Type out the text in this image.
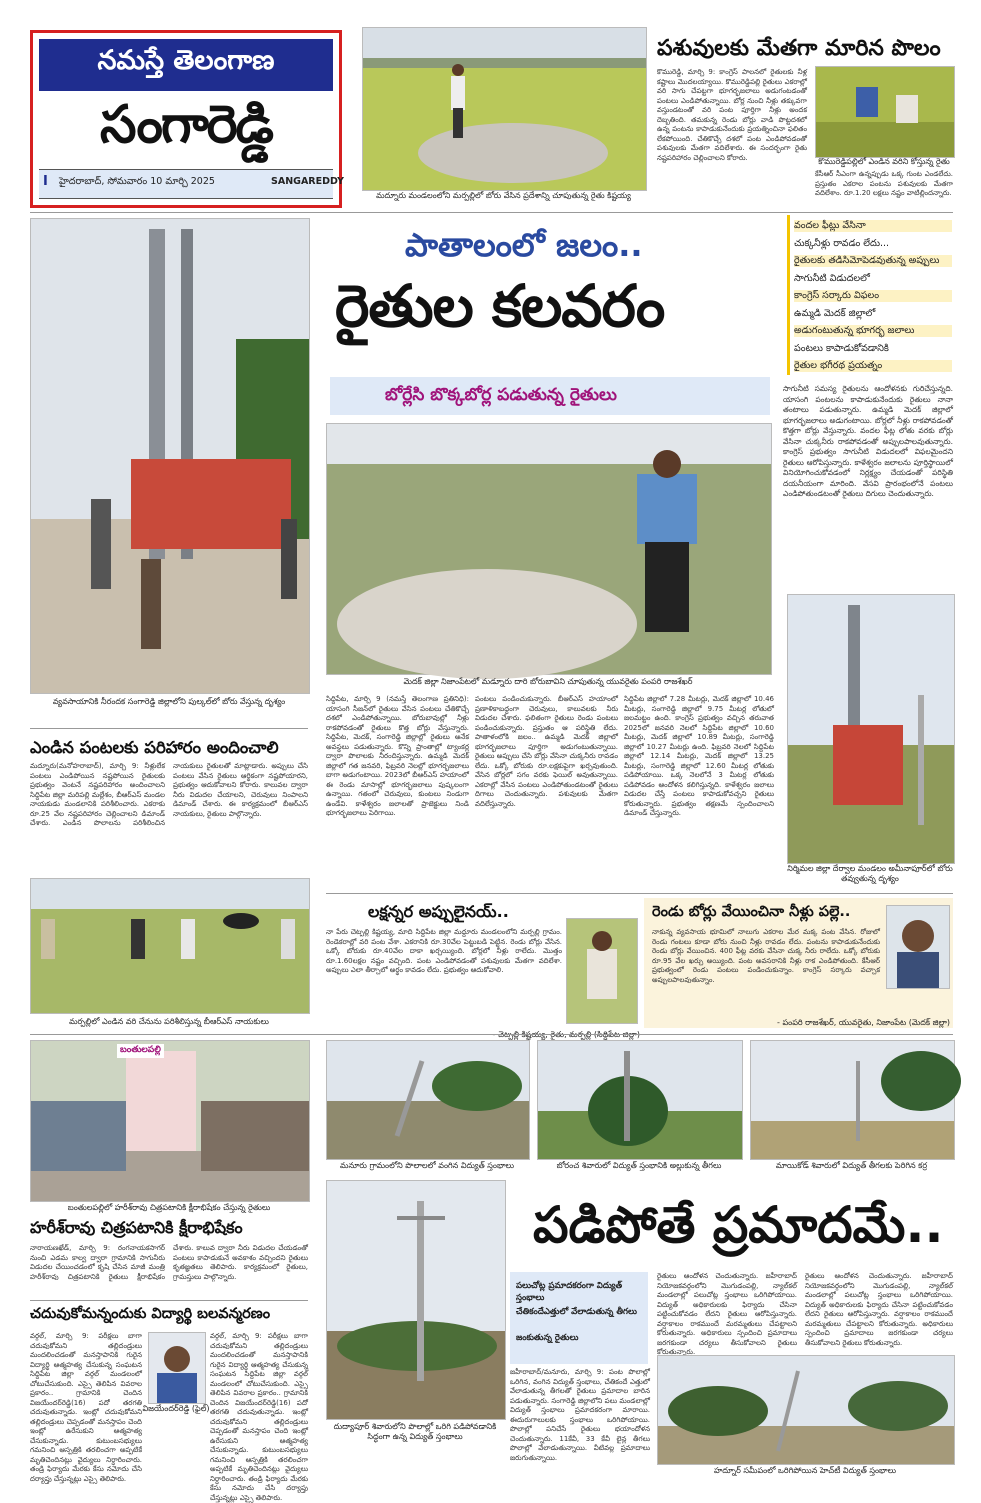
నమస్తే తెలంగాణ
సంగారెడ్డి
I హైదరాబాద్, సోమవారం 10 మార్చి 2025	SANGAREDDY
మద్నూరు మండలంలోని మర్పల్లిలో బోరు వేసిన ప్రదేశాన్ని చూపుతున్న రైతు కిష్టయ్య
పశువులకు మేతగా మారిన పొలం
కొమురెడ్డి, మార్చి 9: కాంగ్రెస్ పాలనలో రైతులకు నీళ్ల కష్టాలు మొదలయ్యాయి. కొమురెడ్డిపల్లి రైతులు ఎకరాల్లో వరి సాగు చేపట్టగా భూగర్భజలాలు అడుగంటడంతో పంటలు ఎండిపోతున్నాయి. బోర్ల నుంచి నీళ్లు తక్కువగా వస్తుండటంతో వరి పంట పూర్తిగా నీళ్లు అందక దెబ్బతింది. తమకున్న రెండు బోర్లు వాడి పొట్టదశలో ఉన్న పంటను కాపాడుకునేందుకు ప్రయత్నించినా ఫలితం లేకపోయింది. చేతికొచ్చే దశలో పంట ఎండిపోవడంతో పశువులకు మేతగా వదిలేశారు. ఈ సందర్భంగా రైతు నష్టపరిహారం చెల్లించాలని కోరారు.	కొమురెడ్డిపల్లిలో ఎండిన వరిని కోస్తున్న రైతు
కేసీఆర్ సీఎంగా ఉన్నప్పుడు ఒక్క గుంట ఎండలేదు. ప్రస్తుతం ఎకరాల పంటను పశువులకు మేతగా వదిలేశాం. రూ.1.20 లక్షలు నష్టం వాటిల్లిందన్నారు.
వ్యవసాయానికి నీరందక సంగారెడ్డి జిల్లాలోని పుల్కల్‌లో బోరు వేస్తున్న దృశ్యం
పాతాలంలో జలం..
రైతుల కలవరం
వందల ఫీట్లు వేసినా
చుక్కనీళ్లు రావడం లేదు...
రైతులకు తడిసిమోపెడవుతున్న అప్పులు
సాగునీటి విడుదలలో
కాంగ్రెస్ సర్కారు విఫలం
ఉమ్మడి మెదక్ జిల్లాలో
అడుగంటుతున్న భూగర్భ జలాలు
పంటలు కాపాడుకోవడానికి
రైతుల భగీరథ ప్రయత్నం
బోర్లేసి బొక్కబోర్ల పడుతున్న రైతులు	సాగునీటి సమస్య రైతులను ఆందోళనకు గురిచేస్తున్నది. యాసంగి పంటలను కాపాడుకునేందుకు రైతులు నానా తంటాలు పడుతున్నారు. ఉమ్మడి మెదక్ జిల్లాలో భూగర్భజలాలు అడుగంటాయి. బోర్లలో నీళ్లు రాకపోవడంతో కొత్తగా బోర్లు వేస్తున్నారు. వందల ఫీట్ల లోతు వరకు బోర్లు వేసినా చుక్కనీరు రాకపోవడంతో అప్పులపాలవుతున్నారు. కాంగ్రెస్ ప్రభుత్వం సాగునీటి విడుదలలో విఫలమైందని రైతులు ఆరోపిస్తున్నారు. కాళేశ్వరం జలాలను పూర్తిస్థాయిలో వినియోగించుకోవడంలో నిర్లక్ష్యం చేయడంతో పరిస్థితి దయనీయంగా మారింది. వేసవి ప్రారంభంలోనే పంటలు ఎండిపోతుండటంతో రైతులు దిగులు చెందుతున్నారు.
మెదక్ జిల్లా నిజాంపేటలో మడ్నూరు దారి బోరుబావిని చూపుతున్న యువరైతు పంపరి రాజశేఖర్
సిద్దిపేట, మార్చి 9 (నమస్తే తెలంగాణ ప్రతినిధి): యాసంగి సీజన్‌లో రైతులు వేసిన పంటలు చేతికొచ్చే దశలో ఎండిపోతున్నాయి. బోరుబావుల్లో నీళ్లు రాకపోవడంతో రైతులు కొత్త బోర్లు వేస్తున్నారు. సిద్దిపేట, మెదక్, సంగారెడ్డి జిల్లాల్లో రైతులు అనేక అవస్థలు పడుతున్నారు. కొన్ని ప్రాంతాల్లో ట్యాంకర్ల ద్వారా పొలాలకు నీరందిస్తున్నారు. ఉమ్మడి మెదక్ జిల్లాలో గత జనవరి, ఫిబ్రవరి నెలల్లో భూగర్భజలాలు బాగా అడుగంటాయి. 2023లో బీఆర్ఎస్ హయాంలో ఈ రెండు మాసాల్లో భూగర్భజలాలు పుష్కలంగా ఉన్నాయి. గతంలో చెరువులు, కుంటలు నిండుగా ఉండేవి. కాళేశ్వరం జలాలతో ప్రాజెక్టులు నిండి భూగర్భజలాలు పెరిగాయి.
పంటలు పండించుకున్నారు. బీఆర్ఎస్ హయాంలో ప్రణాళికాబద్ధంగా చెరువులు, కాలువలకు నీరు విడుదల చేశారు. ఫలితంగా రైతులు రెండు పంటలు పండించుకున్నారు. ప్రస్తుతం ఆ పరిస్థితి లేదు. పాతాళంలోకి జలం.. ఉమ్మడి మెదక్ జిల్లాలో భూగర్భజలాలు పూర్తిగా అడుగంటుతున్నాయి. రైతులు అప్పులు చేసి బోర్లు వేసినా చుక్కనీరు రావడం లేదు. ఒక్కో బోరుకు రూ.లక్షకుపైగా ఖర్చవుతుంది. వేసిన బోర్లలో సగం వరకు ఫెయిల్ అవుతున్నాయి. ఎకరాల్లో వేసిన పంటలు ఎండిపోతుండటంతో రైతులు దిగాలు చెందుతున్నారు. పశువులకు మేతగా వదిలేస్తున్నారు.
సిద్దిపేట జిల్లాలో 7.28 మీటర్లు, మెదక్ జిల్లాలో 10.46 మీటర్లు, సంగారెడ్డి జిల్లాలో 9.75 మీటర్ల లోతులో జలమట్టం ఉంది. కాంగ్రెస్ ప్రభుత్వం వచ్చిన తరువాత 2025లో జనవరి నెలలో సిద్దిపేట జిల్లాలో 10.60 మీటర్లు, మెదక్ జిల్లాలో 10.89 మీటర్లు, సంగారెడ్డి జిల్లాలో 10.27 మీటర్లు ఉంది. ఫిబ్రవరి నెలలో సిద్దిపేట జిల్లాలో 12.14 మీటర్లు, మెదక్ జిల్లాలో 13.25 మీటర్లు, సంగారెడ్డి జిల్లాలో 12.60 మీటర్ల లోతుకు పడిపోయాయి. ఒక్క నెలలోనే 3 మీటర్ల లోతుకు పడిపోవడం ఆందోళన కలిగిస్తున్నది. కాళేశ్వరం జలాలు విడుదల చేస్తే పంటలు కాపాడుకోవచ్చని రైతులు కోరుతున్నారు. ప్రభుత్వం తక్షణమే స్పందించాలని డిమాండ్ చేస్తున్నారు.
నిర్మిమల జిల్లా దేర్వాల మండలం అమీనాపూర్‌లో బోరు తవ్వుతున్న దృశ్యం
ఎండిన పంటలకు పరిహారం అందించాలి
మద్నూరు(మనోహరాబాద్), మార్చి 9: నీళ్లులేక పంటలు ఎండిపోయిన నష్టపోయిన రైతులకు ప్రభుత్వం వెంటనే నష్టపరిహారం అందించాలని సిద్దిపేట జిల్లా మరిపల్లి మల్లేశం, బీఆర్ఎస్ మండల నాయకుడు మండలానికి పరిశీలించారు. ఎకరాకు రూ.25 వేల నష్టపరిహారం చెల్లించాలని డిమాండ్ చేశారు. ఎండిన పొలాలను పరిశీలించిన నాయకులు రైతులతో మాట్లాడారు. అప్పులు చేసి పంటలు వేసిన రైతులు ఆర్థికంగా నష్టపోయారని, ప్రభుత్వం ఆదుకోవాలని కోరారు. కాలువల ద్వారా నీరు విడుదల చేయాలని, చెరువులు నింపాలని డిమాండ్ చేశారు. ఈ కార్యక్రమంలో బీఆర్ఎస్ నాయకులు, రైతులు పాల్గొన్నారు.
మర్పల్లిలో ఎండిన వరి చేనును పరిశీలిస్తున్న బీఆర్ఎస్ నాయకులు
లక్షన్నర అప్పులైనయ్..
నా పేరు చెట్పల్లి కిష్టయ్య, మాది సిద్దిపేట జిల్లా మద్దూరు మండలంలోని మర్పల్లి గ్రామం. రెండెకరాల్లో వరి పంట వేశా. ఎకరానికి రూ.30వేల పెట్టుబడి పెట్టిన. రెండు బోర్లు వేసిన. ఒక్కో బోరుకు రూ.40వేల దాకా ఖర్చయ్యింది. బోర్లలో నీళ్లు రాలేదు. మొత్తం రూ.1.60లక్షల నష్టం వచ్చింది. పంట ఎండిపోవడంతో పశువులకు మేతగా వదిలేశా. అప్పులు ఎలా తీర్చాలో అర్థం కావడం లేదు. ప్రభుత్వం ఆదుకోవాలి.
రెండు బోర్లు వేయించినా నీళ్లు పల్లె..
నాకున్న వ్యవసాయ భూమిలో నాలుగు ఎకరాల మేర మక్క పంట వేసిన. రోజులో రెండు గంటలు కూడా బోరు నుంచి నీళ్లు రావడం లేదు. పంటను కాపాడుకునేందుకు రెండు బోర్లు వేయించిన. 400 ఫీట్ల వరకు వేసినా చుక్క నీరు రాలేదు. ఒక్కో బోరుకు రూ.95 వేల ఖర్చు అయ్యింది. పంట అవసరానికి నీళ్లు రాక ఎండిపోతుంది. కేసీఆర్ ప్రభుత్వంలో రెండు పంటలు పండించుకున్నాం. కాంగ్రెస్ సర్కారు వచ్చాక అప్పులపాలవుతున్నాం.
- పంపరి రాజశేఖర్, యువరైతు, నిజాంపేట (మెదక్ జిల్లా)
బంతులపల్లి
బంతులపల్లిలో హరీశ్‌రావు చిత్రపటానికి క్షీరాభిషేకం చేస్తున్న రైతులు
హరీశ్‌రావు చిత్రపటానికి క్షీరాభిషేకం
నారాయణఖేడ్, మార్చి 9: రంగనాయకసాగర్ నుంచి ఎడమ కాల్వ ద్వారా గ్రామానికి సాగునీరు విడుదల చేయించడంలో కృషి చేసిన మాజీ మంత్రి హరీశ్‌రావు చిత్రపటానికి రైతులు క్షీరాభిషేకం చేశారు. కాలువ ద్వారా నీరు విడుదల చేయడంతో పంటలు కాపాడుకునే అవకాశం వచ్చిందని రైతులు కృతజ్ఞతలు తెలిపారు. కార్యక్రమంలో రైతులు, గ్రామస్తులు పాల్గొన్నారు.
చదువుకోమన్నందుకు విద్యార్థి బలవన్మరణం
వర్గల్, మార్చి 9: పరీక్షలు బాగా చదువుకోమని తల్లిదండ్రులు మందలించడంతో మనస్తాపానికి గురైన విద్యార్థి ఆత్మహత్య చేసుకున్న సంఘటన సిద్దిపేట జిల్లా వర్గల్ మండలంలో చోటుచేసుకుంది. ఎస్సై తెలిపిన వివరాల ప్రకారం.. గ్రామానికి చెందిన విజయేందర్‌రెడ్డి(16) పదో తరగతి చదువుతున్నాడు. ఇంట్లో చదువుకోమని తల్లిదండ్రులు చెప్పడంతో మనస్తాపం చెంది ఇంట్లో ఉరేసుకుని ఆత్మహత్య చేసుకున్నాడు. కుటుంబసభ్యులు గమనించి ఆస్పత్రికి తరలించగా అప్పటికే మృతిచెందినట్లు వైద్యులు నిర్ధారించారు. తండ్రి ఫిర్యాదు మేరకు కేసు నమోదు చేసి దర్యాప్తు చేస్తున్నట్లు ఎస్సై తెలిపారు.
విజయేందర్‌రెడ్డి (ఫైల్)
వర్గల్, మార్చి 9: పరీక్షలు బాగా చదువుకోమని తల్లిదండ్రులు మందలించడంతో మనస్తాపానికి గురైన విద్యార్థి ఆత్మహత్య చేసుకున్న సంఘటన సిద్దిపేట జిల్లా వర్గల్ మండలంలో చోటుచేసుకుంది. ఎస్సై తెలిపిన వివరాల ప్రకారం.. గ్రామానికి చెందిన విజయేందర్‌రెడ్డి(16) పదో తరగతి చదువుతున్నాడు. ఇంట్లో చదువుకోమని తల్లిదండ్రులు చెప్పడంతో మనస్తాపం చెంది ఇంట్లో ఉరేసుకుని ఆత్మహత్య చేసుకున్నాడు. కుటుంబసభ్యులు గమనించి ఆస్పత్రికి తరలించగా అప్పటికే మృతిచెందినట్లు వైద్యులు నిర్ధారించారు. తండ్రి ఫిర్యాదు మేరకు కేసు నమోదు చేసి దర్యాప్తు చేస్తున్నట్లు ఎస్సై తెలిపారు.
మనూరు గ్రామంలోని పొలాలలో వంగిన విద్యుత్ స్తంభాలు	బోరంచ శివారులో విద్యుత్ స్తంభానికి అల్లుకున్న తీగలు	మాయికోడ్ శివారులో విద్యుత్ తీగలకు పెరిగిన కర్ర
పడిపోతే ప్రమాదమే..
దుద్యాపూర్ శివారులోని పొలాల్లో ఒరిగి పడిపోవడానికి సిద్ధంగా ఉన్న విద్యుత్ స్తంభాలు
పలుచోట్ల ప్రమాదకరంగా విద్యుత్ స్తంభాలు
చేతికందేఎత్తులో వేలాడుతున్న తీగలు
జంకుతున్న రైతులు
జహీరాబాద్/మనూరు, మార్చి 9: పంట పొలాల్లో ఒరిగిన, వంగిన విద్యుత్ స్తంభాలు, చేతికందే ఎత్తులో వేలాడుతున్న తీగలతో రైతులు ప్రమాదాల బారిన పడుతున్నారు. సంగారెడ్డి జిల్లాలోని పలు మండలాల్లో విద్యుత్ స్తంభాలు ప్రమాదకరంగా మారాయి. ఈదురుగాలులకు స్తంభాలు ఒరిగిపోయాయి. పొలాల్లో పనిచేసే రైతులు భయాందోళన చెందుతున్నారు. 11కేవీ, 33 కేవీ లైన్ల తీగలు పొలాల్లో వేలాడుతున్నాయి. వీటివల్ల ప్రమాదాలు జరుగుతున్నాయి.
రైతులు ఆందోళన చెందుతున్నారు. జహీరాబాద్ నియోజకవర్గంలోని మొగుడంపల్లి, న్యాల్‌కల్ మండలాల్లో పలుచోట్ల స్తంభాలు ఒరిగిపోయాయి. విద్యుత్ అధికారులకు ఫిర్యాదు చేసినా పట్టించుకోవడం లేదని రైతులు ఆరోపిస్తున్నారు. వర్షాకాలం రాకముందే మరమ్మతులు చేపట్టాలని కోరుతున్నారు. అధికారులు స్పందించి ప్రమాదాలు జరగకుండా చర్యలు తీసుకోవాలని రైతులు కోరుతున్నారు.
రైతులు ఆందోళన చెందుతున్నారు. జహీరాబాద్ నియోజకవర్గంలోని మొగుడంపల్లి, న్యాల్‌కల్ మండలాల్లో పలుచోట్ల స్తంభాలు ఒరిగిపోయాయి. విద్యుత్ అధికారులకు ఫిర్యాదు చేసినా పట్టించుకోవడం లేదని రైతులు ఆరోపిస్తున్నారు. వర్షాకాలం రాకముందే మరమ్మతులు చేపట్టాలని కోరుతున్నారు. అధికారులు స్పందించి ప్రమాదాలు జరగకుండా చర్యలు తీసుకోవాలని రైతులు కోరుతున్నారు.
హద్నూర్ సమీపంలో ఒరిగిపోయిన హెచ్‌టీ విద్యుత్ స్తంభాలు
